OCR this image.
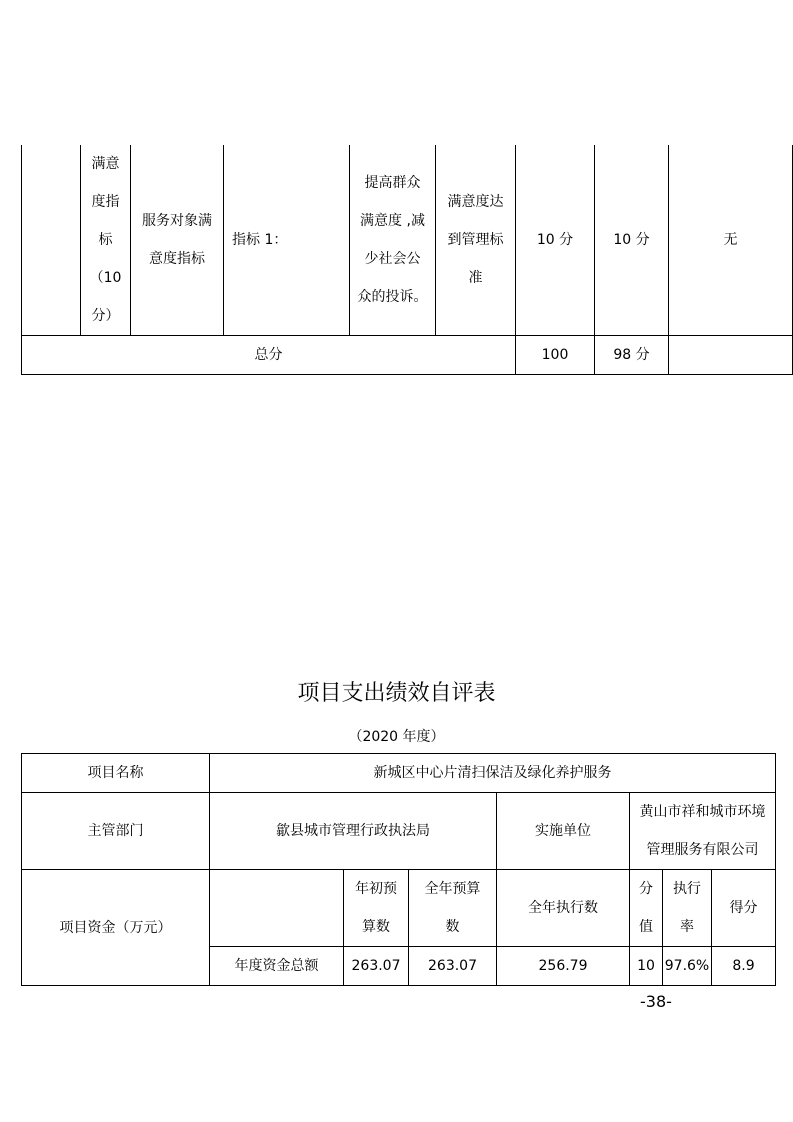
	满意
度指
标
（10
分）	服务对象满
意度指标	指标 1：	提高群众
满意度 ,减
少社会公
众的投诉。	满意度达
到管理标
准	10 分	10 分	无
总分						100	98 分	
项目支出绩效自评表
（2020 年度）
项目名称	新城区中心片清扫保洁及绿化养护服务						
主管部门	歙县城市管理行政执法局			实施单位	黄山市祥和城市环境
管理服务有限公司		

项目资金（万元）		年初预
算数	全年预算
数	全年执行数	分
值	执行
率	得分
	年度资金总额	263.07	263.07	256.79	10	97.6%	8.9
-38-
